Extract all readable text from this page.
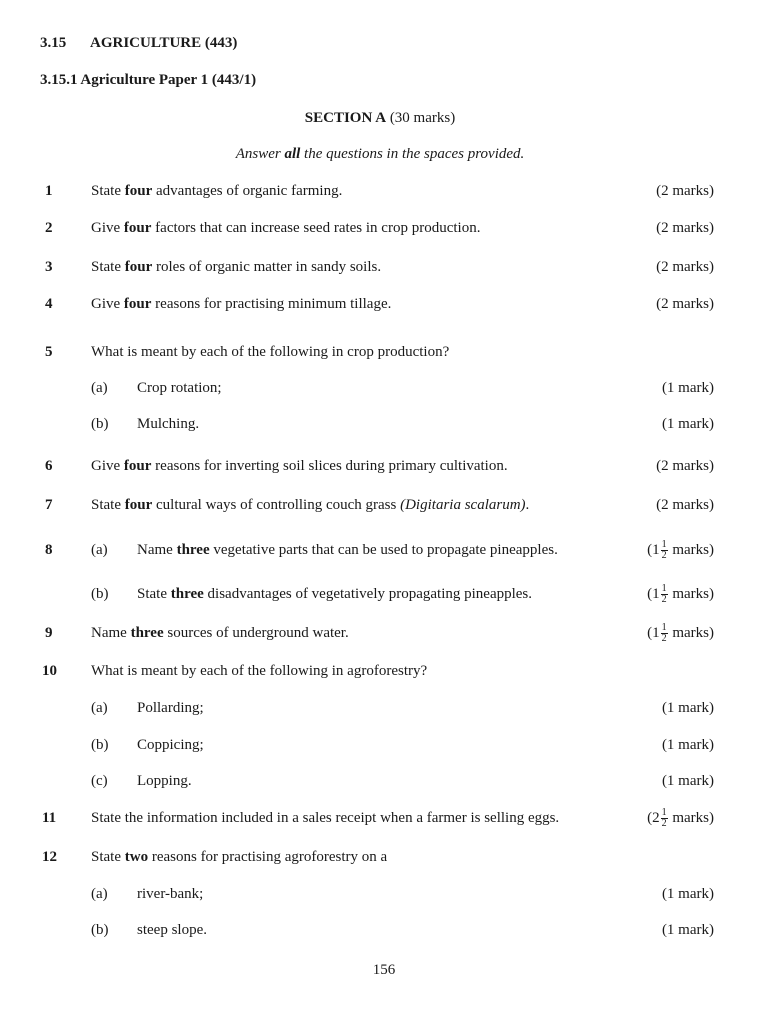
3.15 AGRICULTURE (443)
3.15.1 Agriculture Paper 1 (443/1)
SECTION A (30 marks)
Answer all the questions in the spaces provided.
1	State four advantages of organic farming.	(2 marks)
2	Give four factors that can increase seed rates in crop production.	(2 marks)
3	State four roles of organic matter in sandy soils.	(2 marks)
4	Give four reasons for practising minimum tillage.	(2 marks)
5	What is meant by each of the following in crop production?
(a) Crop rotation;	(1 mark)
(b) Mulching.	(1 mark)
6	Give four reasons for inverting soil slices during primary cultivation.	(2 marks)
7	State four cultural ways of controlling couch grass (Digitaria scalarum).	(2 marks)
8	(a) Name three vegetative parts that can be used to propagate pineapples.	($1 \frac{1}{2}$ marks)
(b) State three disadvantages of vegetatively propagating pineapples.	($1 \frac{1}{2}$ marks)
9	Name three sources of underground water.	($1 \frac{1}{2}$ marks)
10 What is meant by each of the following in agroforestry?
(a) Pollarding;	(1 mark)
(b) Coppicing;	(1 mark)
(c) Lopping.	(1 mark)
11 State the information included in a sales receipt when a farmer is selling eggs.	($2 \frac{1}{2}$ marks)
12 State two reasons for practising agroforestry on a
(a) river-bank;	(1 mark)
(b) steep slope.	(1 mark)
156
